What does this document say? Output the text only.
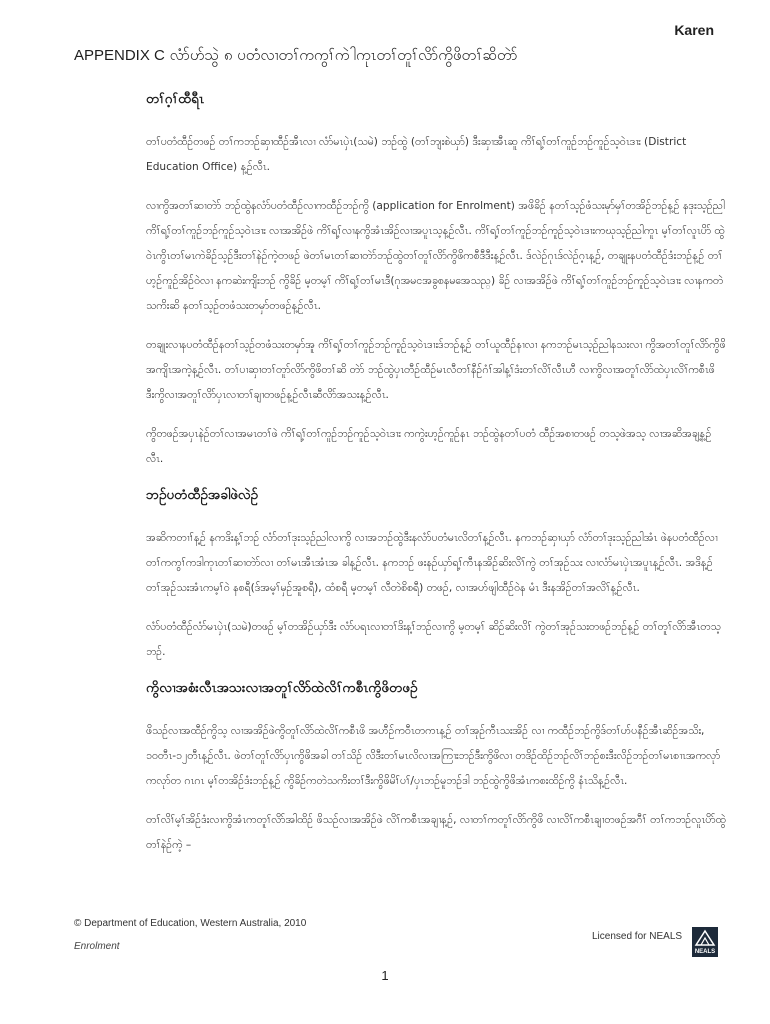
Karen
APPENDIX C လံာ်ဟ်သွဲ ၈ ပတံလၢတၢ်ကကွၢ်ကဲါကုၤတၢ်တူၢ်လိာ်ကွိဖိတၢ်ဆိတဲာ်
တၢ်ဂ့ၢ်ထီရီၤ

တၢ်ပတံထီဉ်တဖဉ် တၢ်ကဘဉ်ဆှၢထီဉ်အီၤလၢ လံာ်မၤပှဲၤ(သမဲ) ဘဉ်ထွဲ (တၢ်ဘျးစဲယှာ်) ဒီးဆှၢအီၤဆူ ကိၢ်ရ့ၢ်တၢ်ကူဉ်ဘဉ်ကူဉ်သ့ဝဲၤဒၢး (District Education Office) န့ဉ်လီၤ.

လၢကွိအတၢ်ဆၢတဲာ် ဘဉ်ထွဲနလံာ်ပတံထီဉ်လၢကထီဉ်ဘဉ်ကွိ (application for Enrolment) အဖိခိဉ် နတၢ်သ့ဉ်ဖံသးမုာ်မှၢ်တအိဉ်ဘဉ်န့ဉ် နဒုးသ့ဉ်ညါ ကိၢ်ရ့ၢ်တၢ်ကူဉ်ဘဉ်ကူဉ်သ့ဝဲၤဒၢး လၢအအိဉ်ဖဲ ကိၢ်ရ့ၢ်လၢနကွိအံၤအိဉ်လၢအပူၤသ့န့ဉ်လီၤ. ကိၢ်ရ့ၢ်တၢ်ကူဉ်ဘဉ်ကူဉ်သ့ဝဲၤဒၢးကဃုသ့ဉ်ညါကူၤ မ့ၢ်တၢ်လူၤပိာ် ထွဲဝဲၤကွိၤတၢ်မၤကဲခိဉ်သ့ဉ်ဒီးတၢ်နဲဉ်ကဲ့တဖဉ် ဖဲတၢ်မၤတၢ်ဆၢတဲာ်ဘဉ်ထွဲတၢ်တူၢ်လိာ်ကွိဖိကစီဒီဒီးန့ဉ်လီၤ. ဒ်လဲဉ်ဂုၤဒ်လဲဉ်ဂ့ၤန့ဉ်, တချုးနပတံထီဉ်ဒံးဘဉ်န့ဉ် တၢ်ဟ့ဉ်ကူဉ်အိဉ်ဝဲလၢ နကဆဲးကျိးဘဉ် ကွိခိဉ် မ့တမ့ၢ် ကိၢ်ရ့ၢ်တၢ်မၤဒီ(ဂုအမငအခွစနမအေသည္) ခိဉ် လၢအအိဉ်ဖဲ ကိၢ်ရ့ၢ်တၢ်ကူဉ်ဘဉ်ကူဉ်သ့ဝဲၤဒၢး လၢနကတဲသကိးဆိ နတၢ်သ့ဉ်တဖံသးတမှာ်တဖဉ်န့ဉ်လီၤ.

တချုးလၢနပတံထီဉ်နတၢ်သ့ဉ်တဖံသးတမှာ်အူ ကိၢ်ရ့ၢ်တၢ်ကူဉ်ဘဉ်ကူဉ်သ့ဝဲၤဒၢးဒ်ဘဉ်န့ဉ် တၢ်ယူထီဉ်နၢလၢ နကဘဉ်မၤသ့ဉ်ညါနသးလၢ ကွိအတၢ်တူၢ်လိာ်ကွိဖိအကျိၤအကဲ့န့ဉ်လီၤ. တၢ်ပၢဆှၢတၢ်တူာ်လိာ်ကွိဖိတၢ်ဆိ တဲာ် ဘဉ်ထွဲပှၤတီဉ်ထီဉ်မၤလီတၢ်နီဉ်ဂံၢ်အါန့ၢ်ဒံးတၢ်လိၢ်လီၤဟီ လၢကွိလၢအတူၢ်လိာ်ထဲပှၤလိၢ်ကစီၤဖိ ဒီးကွိလၢအတူၢ်လိာ်ပှၤလၢတၢ်ချၢတဖဉ်န့ဉ်လီၤဆီလိာ်အသးန့ဉ်လီၤ.

ကွိတဖဉ်အပှၤနဲဉ်တၢ်လၢအမၤတၢ်ဖဲ ကိၢ်ရ့ၢ်တၢ်ကူဉ်ဘဉ်ကူဉ်သ့ဝဲၤဒၢး ကကွဲးဟ့ဉ်ကူဉ်နၤ ဘဉ်ထွဲနတၢ်ပတံ ထီဉ်အစၢတဖဉ် တသ့ဖဲအသ့ လၢအဆိအချ့န့ဉ်လီၤ.

ဘဉ်ပတံထီဉ်အခါဖဲလဲဉ်

အဆိကတၢၢ်န့ဉ် နကဒိးန့ၢ်ဘဉ် လံာ်တၢ်ဒုးသ့ဉ်ညါလၢကွိ လၢအဘဉ်ထွဲဒီးနလံာ်ပတံမၤလိတၢ်န့ဉ်လီၤ. နကဘဉ်ဆှၢယှာ် လံာ်တၢ်ဒုးသ့ဉ်ညါအံၤ ဖဲနပတံထီဉ်လၢတၢ်ကကွၢ်ကဒါကုၤတၢ်ဆၢတဲာ်လၢ တၢ်မၤအီၤအံၤအ ခါန့ဉ်လီၤ. နကဘဉ် ဖးနဉ်ယှာ်ရ့ၢ်ကီၤနအိဉ်ဆိးလိၢ်ကွဲ တၢ်အုဉ်သး လၢလံာ်မၤပှဲၤအပူၤန့ဉ်လီၤ. အဒိန့ဉ် တၢ်အုဉ်သးအံၤကမ့ၢ်ဝဲ နစရီ(ဒ်အမ့ၢ်မှဉ်အူစရီ), ထံစရီ မ့တမ့ၢ် လီတဲစိစရီ) တဖဉ်, လၢအဟ်ဖျါထီဉ်ဝဲန မံၤ ဒီးနအိဉ်တၢ်အလိၢ်န့ဉ်လီၤ.

လံာ်ပတံထီဉ်လံာ်မၤပှဲၤ(သမဲ)တဖဉ် မ့ၢ်တအိဉ်ယှာ်ဒီး လံာ်ပရၤလၢတၢ်ဒိးန့ၢ်ဘဉ်လၢကွိ မ့တမ့ၢ် ဆိဉ်ဆိးလိၢ် ကွဲတၢ်အုဉ်သးတဖဉ်ဘဉ်န့ဉ် တၢ်တူၢ်လိာ်အီၤတသ့ဘဉ်.

ကွိလၢအစံးလီၤအသးလၢအတူၢ်လိာ်ထဲလိၢ်ကစီၤကွိဖိတဖဉ်

ဖိသဉ်လၢအထီဉ်ကွိသ့ လၢအအိဉ်ဖဲကွိတူၢ်လိာ်ထဲလိၢ်ကစီၤဖိ အဟီဉ်ကဝီၤတကၤန့ဉ် တၢ်အုဉ်ကီၤသးအိဉ် လၢ ကထီဉ်ဘဉ်ကွိဒ်တၢ်ဟ်ပနီဉ်အီၤဆိဉ်အသိး, ၁၀တီၤ-၁၂တီၤန့ဉ်လီၤ. ဖဲတၢ်တူၢ်လိာ်ပှၤကွိဖိအခါ တၢ်သိဉ် လိဒီးတၢ်မၤလိလၢအကြၢးဘဉ်ဒီးကွိဖိလၢ တဒိဉ်ထိဉ်ဘဉ်လိၢ်ဘဉ်စးဒီးလိဉ်ဘဉ်တၢ်မၤစၢၤအကလုာ်ကလုာ်တ ဂၤဂၤ မ့ၢ်တအိဉ်ဒံးဘဉ်န့ဉ် ကွိခိဉ်ကတဲသကိးတၢ်ဒီးကွိဖိမိၢ်ပၢ်/ပှၤဘဉ်မူဘဉ်ဒါ ဘဉ်ထွဲကွိဖိအံၤကစးထိဉ်ကွိ နံၤသိန့ဉ်လီၤ.

တၢ်လိၢ်မ့ၢ်အိဉ်ဒံးလၢကွိအံၤကတူၢ်လိာ်အါထိဉ် ဖိသဉ်လၢအအိဉ်ဖဲ လိၢ်ကစီၤအချၢန့ဉ်, လၢတၢ်ကတူၢ်လိာ်ကွိဖိ လၢလိၢ်ကစီၤချၢတဖဉ်အဂီၢ် တၢ်ကဘဉ်လူၤပိာ်ထွဲတၢ်နဲဉ်ကဲ့ –

© Department of Education, Western Australia, 2010
Enrolment
Licensed for NEALS
NEALS
1
